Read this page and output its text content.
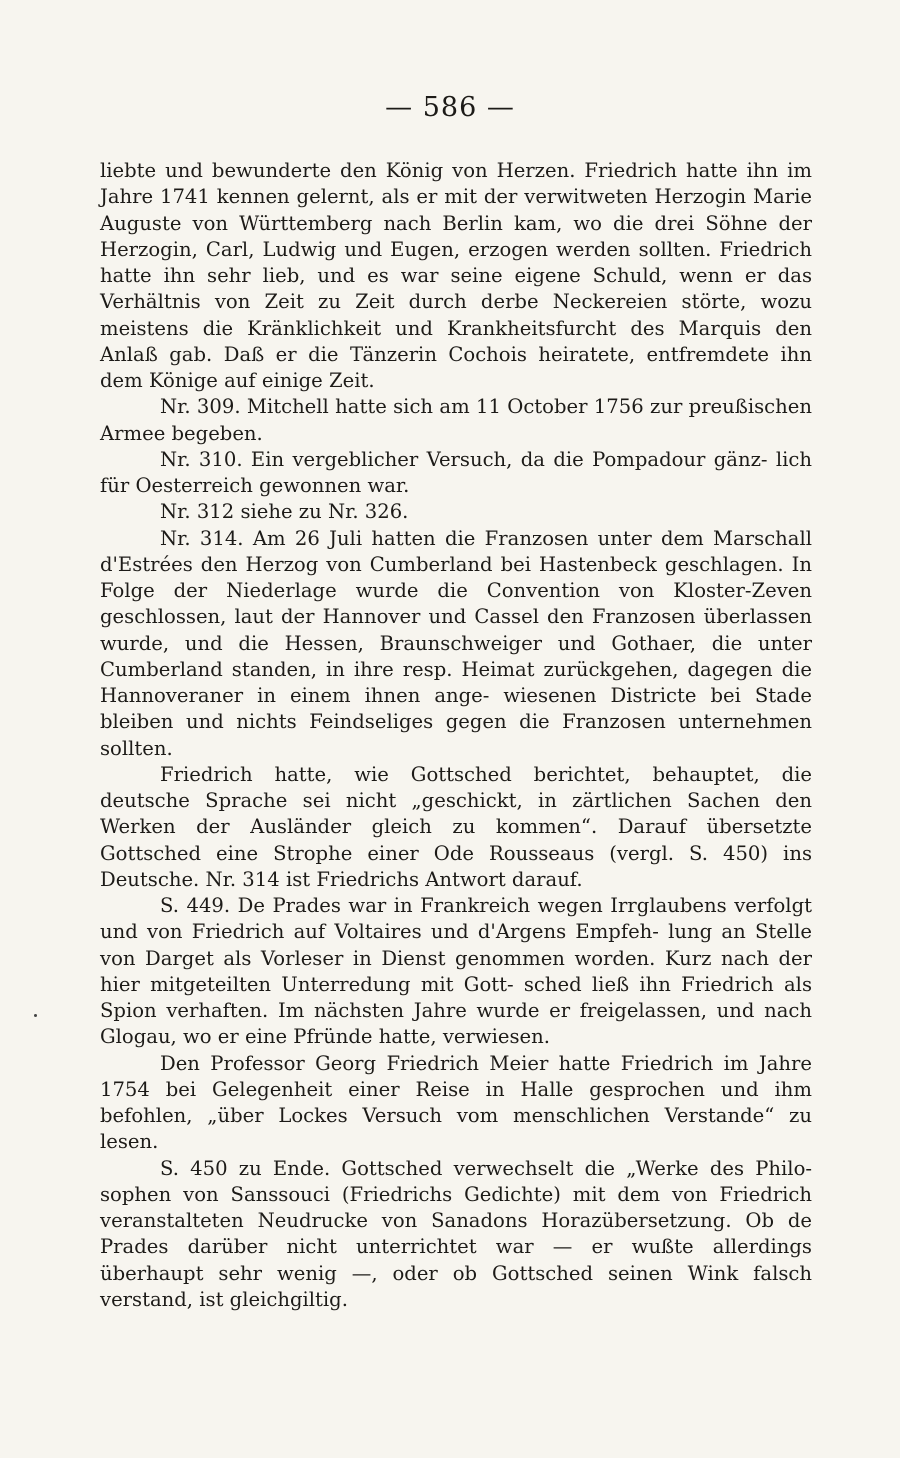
— 586 —

liebte und bewunderte den König von Herzen. Friedrich hatte ihn im Jahre 1741 kennen gelernt, als er mit der verwitweten Herzogin Marie Auguste von Württemberg nach Berlin kam, wo die drei Söhne der Herzogin, Carl, Ludwig und Eugen, erzogen werden sollten. Friedrich hatte ihn sehr lieb, und es war seine eigene Schuld, wenn er das Verhältnis von Zeit zu Zeit durch derbe Neckereien störte, wozu meistens die Kränklichkeit und Krankheitsfurcht des Marquis den Anlaß gab. Daß er die Tänzerin Cochois heiratete, entfremdete ihn dem Könige auf einige Zeit.

Nr. 309. Mitchell hatte sich am 11 October 1756 zur preußischen Armee begeben.

Nr. 310. Ein vergeblicher Versuch, da die Pompadour gänz- lich für Oesterreich gewonnen war.

Nr. 312 siehe zu Nr. 326.

Nr. 314. Am 26 Juli hatten die Franzosen unter dem Marschall d'Estrées den Herzog von Cumberland bei Hastenbeck geschlagen. In Folge der Niederlage wurde die Convention von Kloster-Zeven geschlossen, laut der Hannover und Cassel den Franzosen überlassen wurde, und die Hessen, Braunschweiger und Gothaer, die unter Cumberland standen, in ihre resp. Heimat zurückgehen, dagegen die Hannoveraner in einem ihnen ange- wiesenen Districte bei Stade bleiben und nichts Feindseliges gegen die Franzosen unternehmen sollten.

Friedrich hatte, wie Gottsched berichtet, behauptet, die deutsche Sprache sei nicht „geschickt, in zärtlichen Sachen den Werken der Ausländer gleich zu kommen“. Darauf übersetzte Gottsched eine Strophe einer Ode Rousseaus (vergl. S. 450) ins Deutsche. Nr. 314 ist Friedrichs Antwort darauf.

S. 449. De Prades war in Frankreich wegen Irrglaubens verfolgt und von Friedrich auf Voltaires und d'Argens Empfeh- lung an Stelle von Darget als Vorleser in Dienst genommen worden. Kurz nach der hier mitgeteilten Unterredung mit Gott- sched ließ ihn Friedrich als Spion verhaften. Im nächsten Jahre wurde er freigelassen, und nach Glogau, wo er eine Pfründe hatte, verwiesen.

Den Professor Georg Friedrich Meier hatte Friedrich im Jahre 1754 bei Gelegenheit einer Reise in Halle gesprochen und ihm befohlen, „über Lockes Versuch vom menschlichen Verstande“ zu lesen.

S. 450 zu Ende. Gottsched verwechselt die „Werke des Philo- sophen von Sanssouci (Friedrichs Gedichte) mit dem von Friedrich veranstalteten Neudrucke von Sanadons Horazübersetzung. Ob de Prades darüber nicht unterrichtet war — er wußte allerdings überhaupt sehr wenig —, oder ob Gottsched seinen Wink falsch verstand, ist gleichgiltig.
